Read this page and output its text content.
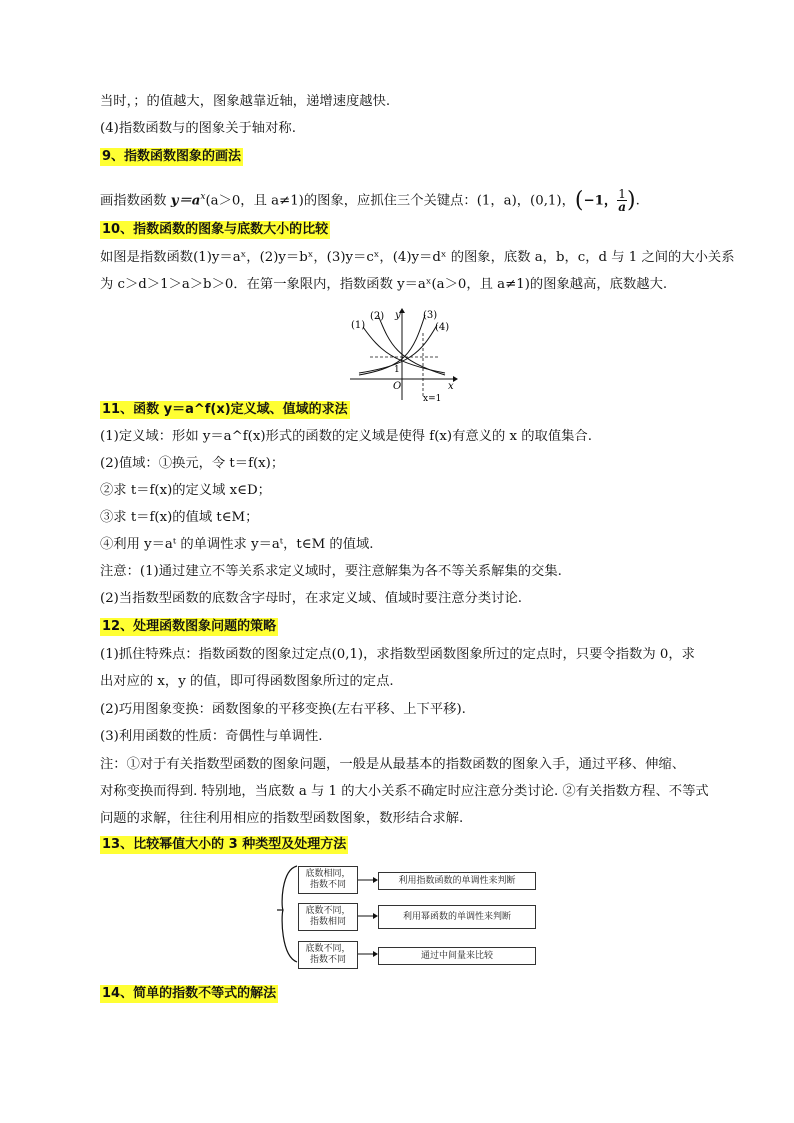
当时，；的值越大，图象越靠近轴，递增速度越快.
(4)指数函数与的图象关于轴对称.
9、指数函数图象的画法
画指数函数 $y=a^x(a>0$，且 a≠1)的图象，应抓住三个关键点：(1，a)，(0,1)，(−1， $\frac{1}{a}$ ).
10、指数函数的图象与底数大小的比较
如图是指数函数(1)y＝aˣ，(2)y＝bˣ，(3)y＝cˣ，(4)y＝dˣ 的图象，底数 a，b，c，d 与 1 之间的大小关系
为 c＞d＞1＞a＞b＞0．在第一象限内，指数函数 y＝aˣ(a＞0，且 a≠1)的图象越高，底数越大.
(1)
(2)	(3)
(4)
y
x
O
1
x=1
11、函数 y＝a^f(x)定义域、值域的求法
(1)定义域：形如 y＝a^f(x)形式的函数的定义域是使得 f(x)有意义的 x 的取值集合.
(2)值域：①换元，令 t＝f(x)；
②求 t＝f(x)的定义域 x∈D；
③求 t＝f(x)的值域 t∈M；
④利用 y＝aᵗ 的单调性求 y＝aᵗ，t∈M 的值域.
注意：(1)通过建立不等关系求定义域时，要注意解集为各不等关系解集的交集.
(2)当指数型函数的底数含字母时，在求定义域、值域时要注意分类讨论.
12、处理函数图象问题的策略
(1)抓住特殊点：指数函数的图象过定点(0,1)，求指数型函数图象所过的定点时，只要令指数为 0，求
出对应的 x，y 的值，即可得函数图象所过的定点.
(2)巧用图象变换：函数图象的平移变换(左右平移、上下平移).
(3)利用函数的性质：奇偶性与单调性.
注：①对于有关指数型函数的图象问题，一般是从最基本的指数函数的图象入手，通过平移、伸缩、
对称变换而得到. 特别地，当底数 a 与 1 的大小关系不确定时应注意分类讨论. ②有关指数方程、不等式
问题的求解，往往利用相应的指数型函数图象，数形结合求解.
13、比较幂值大小的 3 种类型及处理方法
底数相同，
指数不同	利用指数函数的单调性来判断
底数不同，
指数相同	利用幂函数的单调性来判断
底数不同，
指数不同	通过中间量来比较
14、简单的指数不等式的解法
